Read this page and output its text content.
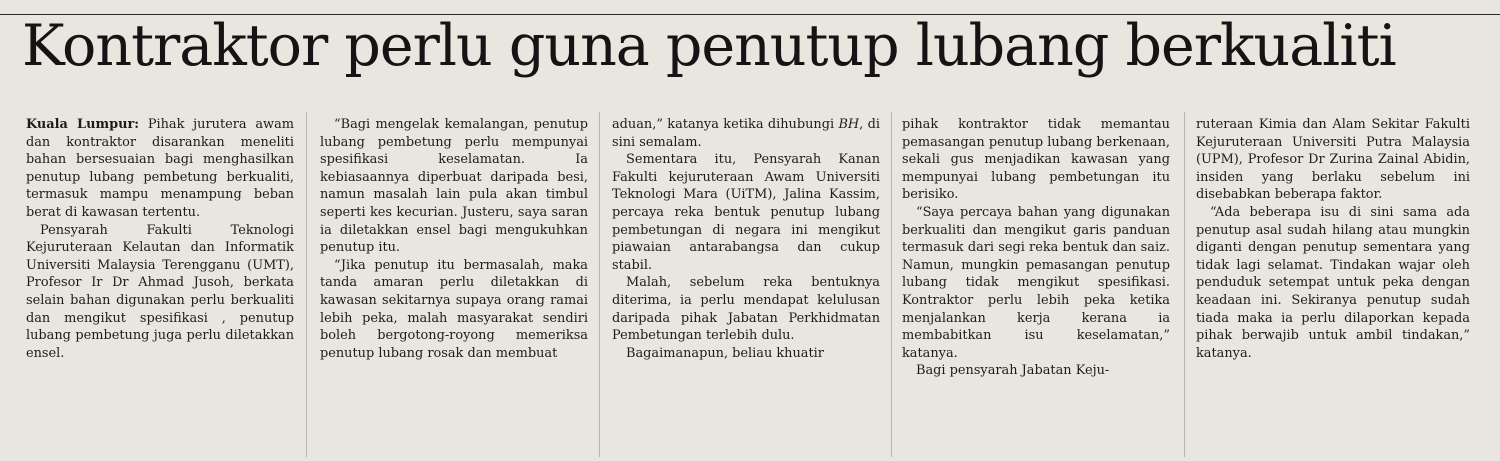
Kontraktor perlu guna penutup lubang berkualiti

Kuala Lumpur: Pihak jurutera awam dan kontraktor disarankan meneliti bahan bersesuaian bagi menghasilkan penutup lubang pembetung berkualiti, termasuk mampu menampung beban berat di kawasan tertentu.

Pensyarah Fakulti Teknologi Kejuruteraan Kelautan dan Informatik Universiti Malaysia Terengganu (UMT), Profesor Ir Dr Ahmad Jusoh, berkata selain bahan digunakan perlu berkualiti dan mengikut spesifikasi , penutup lubang pembetung juga perlu diletakkan ensel.

“Bagi mengelak kemalangan, penutup lubang pembetung perlu mempunyai spesifikasi keselamatan. Ia kebiasaannya diperbuat daripada besi, namun masalah lain pula akan timbul seperti kes kecurian. Justeru, saya saran ia diletakkan ensel bagi mengukuhkan penutup itu.

“Jika penutup itu bermasalah, maka tanda amaran perlu diletakkan di kawasan sekitarnya supaya orang ramai lebih peka, malah masyarakat sendiri boleh bergotong-royong memeriksa penutup lubang rosak dan membuat

aduan,” katanya ketika dihubungi BH, di sini semalam.

Sementara itu, Pensyarah Kanan Fakulti kejuruteraan Awam Universiti Teknologi Mara (UiTM), Jalina Kassim, percaya reka bentuk penutup lubang pembetungan di negara ini mengikut piawaian antarabangsa dan cukup stabil.

Malah, sebelum reka bentuknya diterima, ia perlu mendapat kelulusan daripada pihak Jabatan Perkhidmatan Pembetungan terlebih dulu.

Bagaimanapun, beliau khuatir

pihak kontraktor tidak memantau pemasangan penutup lubang berkenaan, sekali gus menjadikan kawasan yang mempunyai lubang pembetungan itu berisiko.

“Saya percaya bahan yang digunakan berkualiti dan mengikut garis panduan termasuk dari segi reka bentuk dan saiz. Namun, mungkin pemasangan penutup lubang tidak mengikut spesifikasi. Kontraktor perlu lebih peka ketika menjalankan kerja kerana ia membabitkan isu keselamatan,” katanya.

Bagi pensyarah Jabatan Keju-

ruteraan Kimia dan Alam Sekitar Fakulti Kejuruteraan Universiti Putra Malaysia (UPM), Profesor Dr Zurina Zainal Abidin, insiden yang berlaku sebelum ini disebabkan beberapa faktor.

“Ada beberapa isu di sini sama ada penutup asal sudah hilang atau mungkin diganti dengan penutup sementara yang tidak lagi selamat. Tindakan wajar oleh penduduk setempat untuk peka dengan keadaan ini. Sekiranya penutup sudah tiada maka ia perlu dilaporkan kepada pihak berwajib untuk ambil tindakan,” katanya.
